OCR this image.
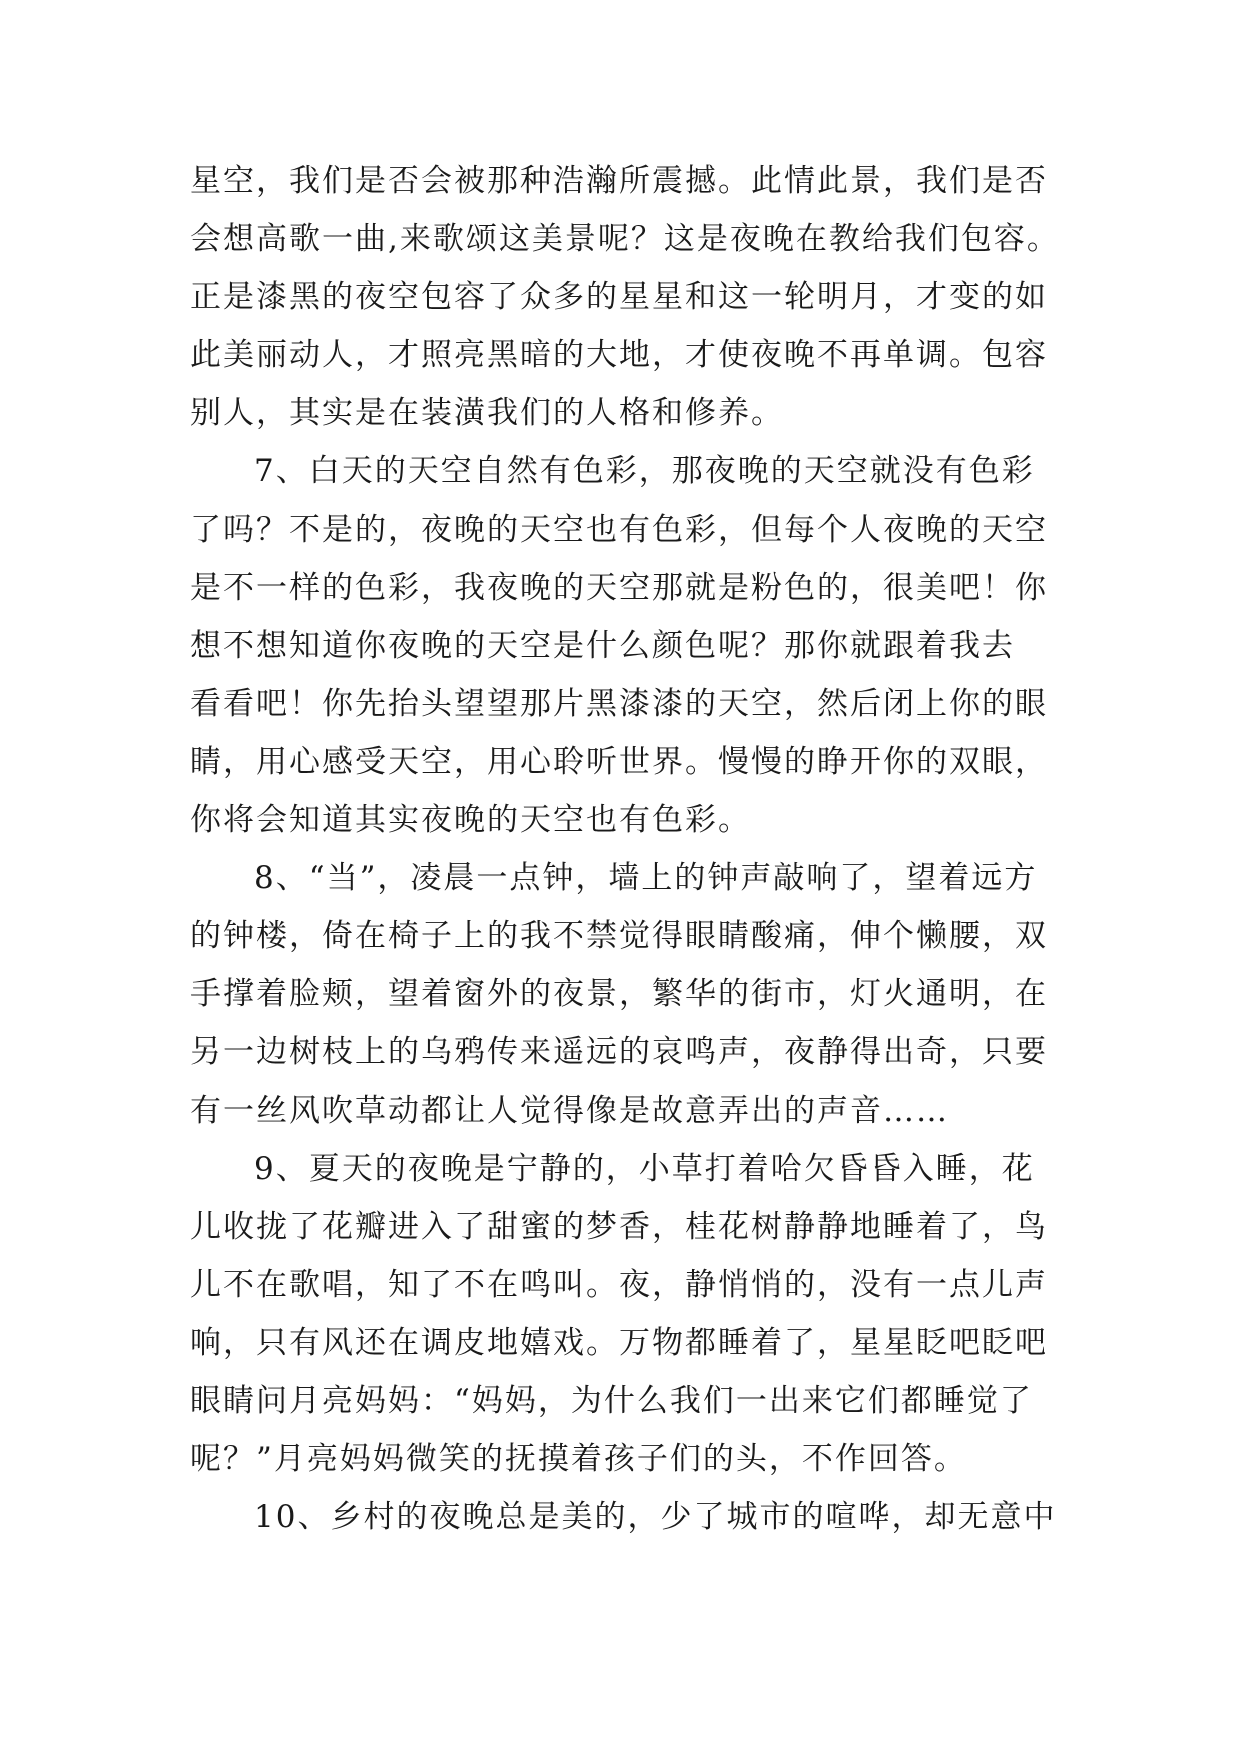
星空，我们是否会被那种浩瀚所震撼。此情此景，我们是否
会想高歌一曲,来歌颂这美景呢？这是夜晚在教给我们包容。
正是漆黑的夜空包容了众多的星星和这一轮明月，才变的如
此美丽动人，才照亮黑暗的大地，才使夜晚不再单调。包容
别人，其实是在装潢我们的人格和修养。
7、白天的天空自然有色彩，那夜晚的天空就没有色彩
了吗？不是的，夜晚的天空也有色彩，但每个人夜晚的天空
是不一样的色彩，我夜晚的天空那就是粉色的，很美吧！你
想不想知道你夜晚的天空是什么颜色呢？那你就跟着我去
看看吧！你先抬头望望那片黑漆漆的天空，然后闭上你的眼
睛，用心感受天空，用心聆听世界。慢慢的睁开你的双眼，
你将会知道其实夜晚的天空也有色彩。
8、“当”，凌晨一点钟，墙上的钟声敲响了，望着远方
的钟楼，倚在椅子上的我不禁觉得眼睛酸痛，伸个懒腰，双
手撑着脸颊，望着窗外的夜景，繁华的街市，灯火通明，在
另一边树枝上的乌鸦传来遥远的哀鸣声，夜静得出奇，只要
有一丝风吹草动都让人觉得像是故意弄出的声音……
9、夏天的夜晚是宁静的，小草打着哈欠昏昏入睡，花
儿收拢了花瓣进入了甜蜜的梦香，桂花树静静地睡着了，鸟
儿不在歌唱，知了不在鸣叫。夜，静悄悄的，没有一点儿声
响，只有风还在调皮地嬉戏。万物都睡着了，星星眨吧眨吧
眼睛问月亮妈妈：“妈妈，为什么我们一出来它们都睡觉了
呢？”月亮妈妈微笑的抚摸着孩子们的头，不作回答。
10、乡村的夜晚总是美的，少了城市的喧哗，却无意中
